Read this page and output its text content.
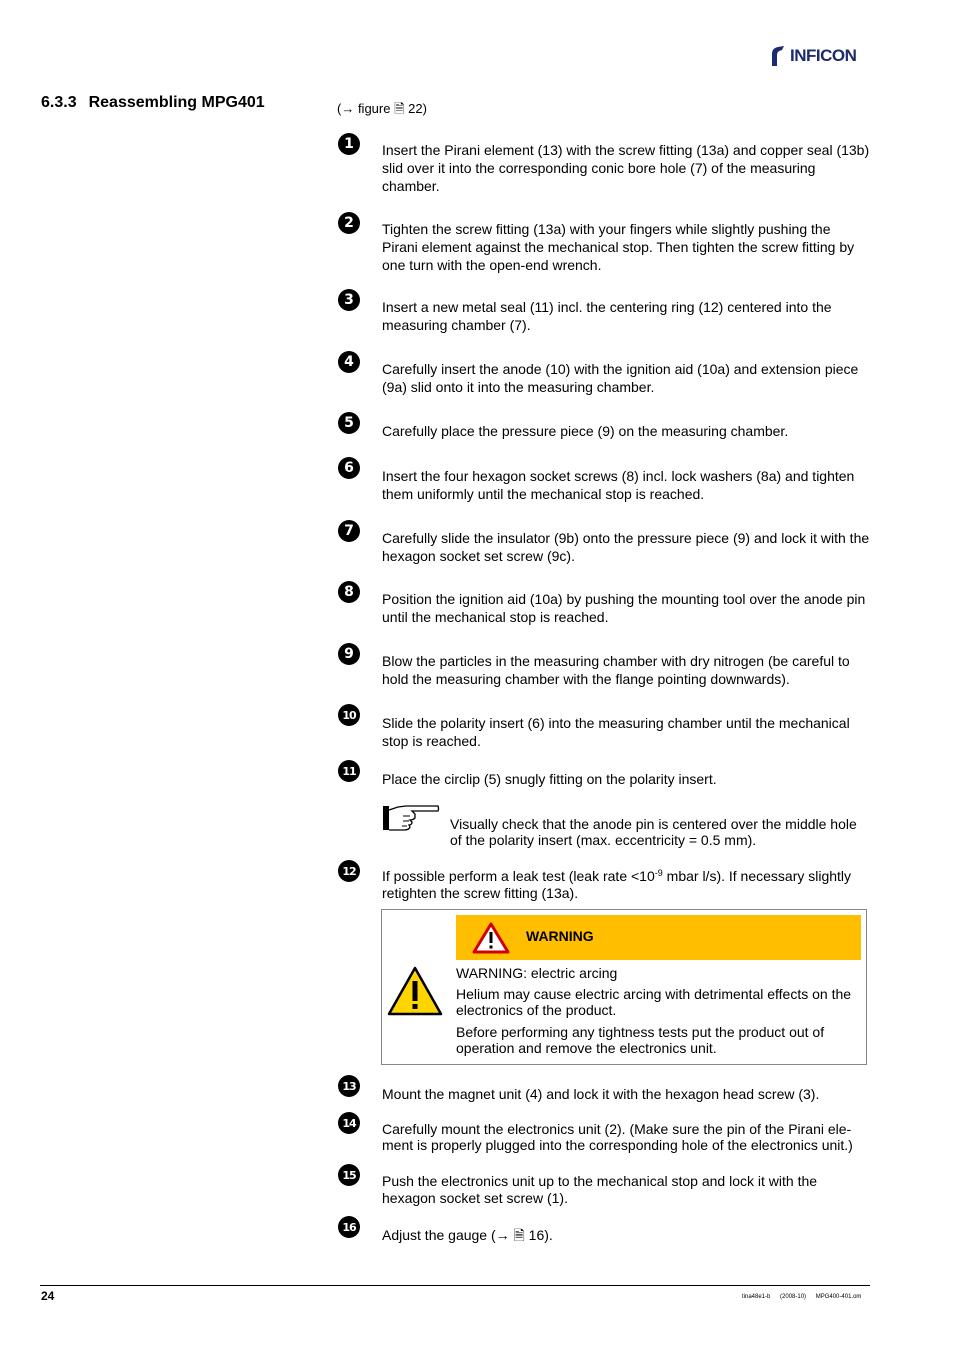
INFICON
6.3.3 Reassembling MPG401	(→ figure 🗎 22)
1	Insert the Pirani element (13) with the screw fitting (13a) and copper seal (13b) slid over it into the corresponding conic bore hole (7) of the measuring chamber.
2	Tighten the screw fitting (13a) with your fingers while slightly pushing the Pirani element against the mechanical stop. Then tighten the screw fitting by one turn with the open-end wrench.
3	Insert a new metal seal (11) incl. the centering ring (12) centered into the measuring chamber (7).
4	Carefully insert the anode (10) with the ignition aid (10a) and extension piece (9a) slid onto it into the measuring chamber.
5	Carefully place the pressure piece (9) on the measuring chamber.
6	Insert the four hexagon socket screws (8) incl. lock washers (8a) and tighten them uniformly until the mechanical stop is reached.
7	Carefully slide the insulator (9b) onto the pressure piece (9) and lock it with the hexagon socket set screw (9c).
8	Position the ignition aid (10a) by pushing the mounting tool over the anode pin until the mechanical stop is reached.
9	Blow the particles in the measuring chamber with dry nitrogen (be careful to hold the measuring chamber with the flange pointing downwards).
10	Slide the polarity insert (6) into the measuring chamber until the mechanical stop is reached.
11	Place the circlip (5) snugly fitting on the polarity insert.
Visually check that the anode pin is centered over the middle hole of the polarity insert (max. eccentricity = 0.5 mm).
12	If possible perform a leak test (leak rate $<10^{-9}$ mbar l/s). If necessary slightly retighten the screw fitting (13a).
WARNING
WARNING: electric arcing
Helium may cause electric arcing with detrimental effects on the electronics of the product.
Before performing any tightness tests put the product out of operation and remove the electronics unit.
13	Mount the magnet unit (4) and lock it with the hexagon head screw (3).
14	Carefully mount the electronics unit (2). (Make sure the pin of the Pirani ele-ment is properly plugged into the corresponding hole of the electronics unit.)
15	Push the electronics unit up to the mechanical stop and lock it with the hexagon socket set screw (1).
16	Adjust the gauge (→ 🗎 16).
24	tina48e1-b (2008-10) MPG400-401.om
